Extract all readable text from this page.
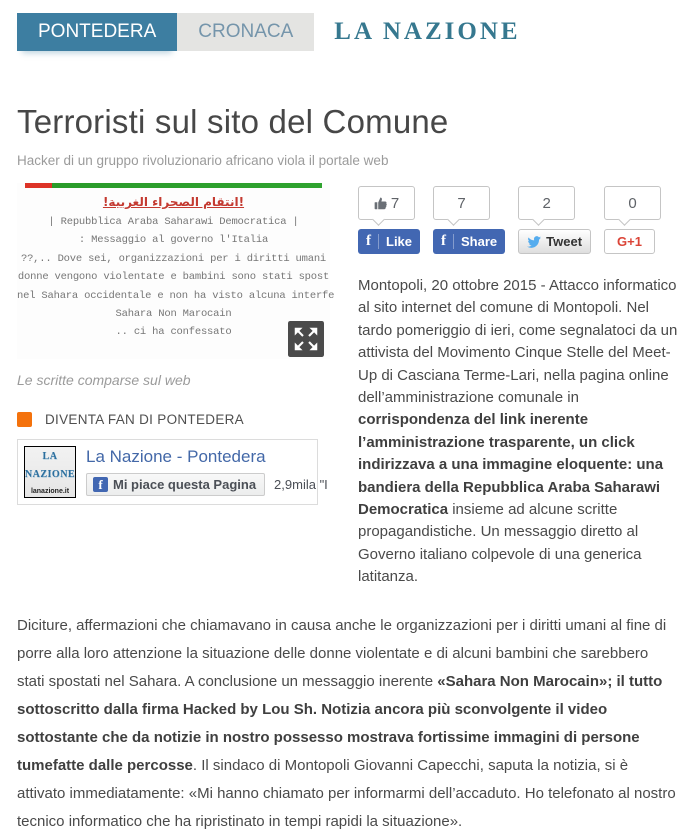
PONTEDERA	CRONACA	LA NAZIONE
Terroristi sul sito del Comune
Hacker di un gruppo rivoluzionario africano viola il portale web
!انتقام الصحراء الغربية!
| Repubblica Araba Saharawi Democratica |
: Messaggio al governo l'Italia
??,.. Dove sei, organizzazioni per i diritti umani
donne vengono violentate e bambini sono stati spost
nel Sahara occidentale e non ha visto alcuna interfe
Sahara Non Marocain
.. ci ha confessato
Le scritte comparse sul web
DIVENTA FAN DI PONTEDERA
LA
NAZIONE
lanazione.it
La Nazione - Pontedera
f Mi piace questa Pagina 2,9mila "I
7
f	Like
7
f	Share
2
Tweet
0
G+1

Montopoli, 20 ottobre 2015 - Attacco informatico al sito internet del comune di Montopoli. Nel tardo pomeriggio di ieri, come segnalatoci da un attivista del Movimento Cinque Stelle del Meet-Up di Casciana Terme-Lari, nella pagina online dell’amministrazione comunale in corrispondenza del link inerente l’amministrazione trasparente, un click indirizzava a una immagine eloquente: una bandiera della Repubblica Araba Saharawi Democratica insieme ad alcune scritte propagandistiche. Un messaggio diretto al Governo italiano colpevole di una generica latitanza.

Diciture, affermazioni che chiamavano in causa anche le organizzazioni per i diritti umani al fine di porre alla loro attenzione la situazione delle donne violentate e di alcuni bambini che sarebbero stati spostati nel Sahara. A conclusione un messaggio inerente «Sahara Non Marocain»; il tutto sottoscritto dalla firma Hacked by Lou Sh. Notizia ancora più sconvolgente il video sottostante che da notizie in nostro possesso mostrava fortissime immagini di persone tumefatte dalle percosse. Il sindaco di Montopoli Giovanni Capecchi, saputa la notizia, si è attivato immediatamente: «Mi hanno chiamato per informarmi dell’accaduto. Ho telefonato al nostro tecnico informatico che ha ripristinato in tempi rapidi la situazione».
